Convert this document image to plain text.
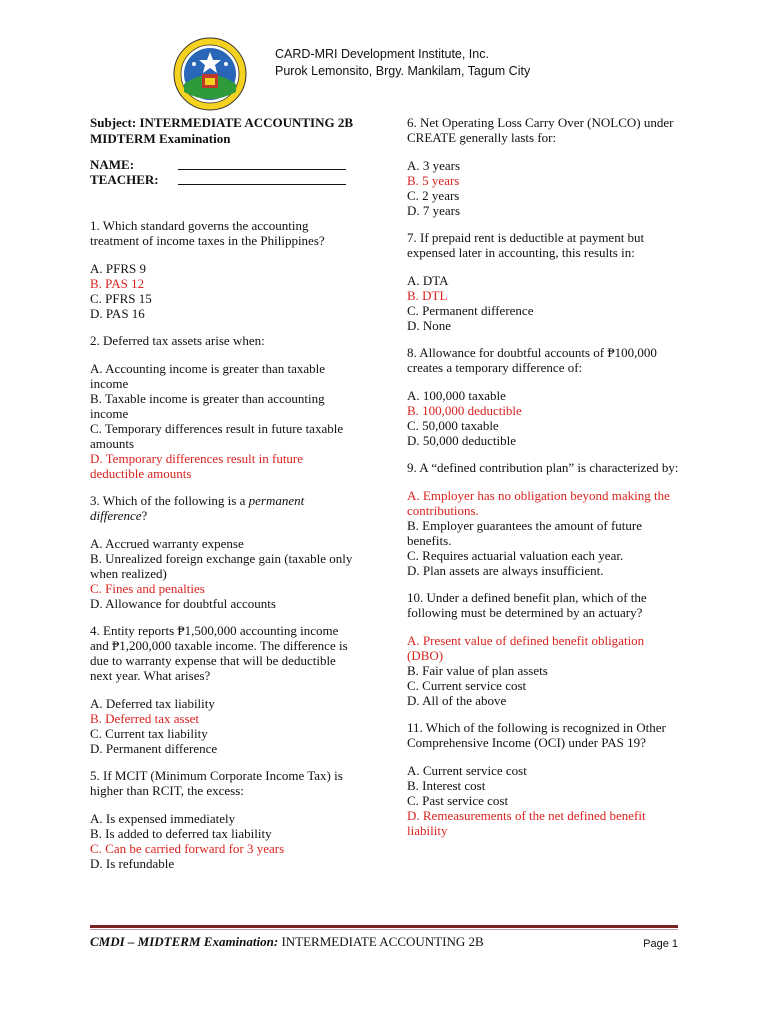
CARD-MRI Development Institute, Inc.
Purok Lemonsito, Brgy. Mankilam, Tagum City
Subject: INTERMEDIATE ACCOUNTING 2B
MIDTERM Examination
NAME:
TEACHER:
1. Which standard governs the accounting treatment of income taxes in the Philippines?
A. PFRS 9
B. PAS 12
C. PFRS 15
D. PAS 16
2. Deferred tax assets arise when:
A. Accounting income is greater than taxable income
B. Taxable income is greater than accounting income
C. Temporary differences result in future taxable amounts
D. Temporary differences result in future deductible amounts
3. Which of the following is a permanent difference?
A. Accrued warranty expense
B. Unrealized foreign exchange gain (taxable only when realized)
C. Fines and penalties
D. Allowance for doubtful accounts
4. Entity reports ₱1,500,000 accounting income and ₱1,200,000 taxable income. The difference is due to warranty expense that will be deductible next year. What arises?
A. Deferred tax liability
B. Deferred tax asset
C. Current tax liability
D. Permanent difference
5. If MCIT (Minimum Corporate Income Tax) is higher than RCIT, the excess:
A. Is expensed immediately
B. Is added to deferred tax liability
C. Can be carried forward for 3 years
D. Is refundable
6. Net Operating Loss Carry Over (NOLCO) under CREATE generally lasts for:
A. 3 years
B. 5 years
C. 2 years
D. 7 years
7. If prepaid rent is deductible at payment but expensed later in accounting, this results in:
A. DTA
B. DTL
C. Permanent difference
D. None
8. Allowance for doubtful accounts of ₱100,000 creates a temporary difference of:
A. 100,000 taxable
B. 100,000 deductible
C. 50,000 taxable
D. 50,000 deductible
9. A “defined contribution plan” is characterized by:
A. Employer has no obligation beyond making the contributions.
B. Employer guarantees the amount of future benefits.
C. Requires actuarial valuation each year.
D. Plan assets are always insufficient.
10. Under a defined benefit plan, which of the following must be determined by an actuary?
A. Present value of defined benefit obligation (DBO)
B. Fair value of plan assets
C. Current service cost
D. All of the above
11. Which of the following is recognized in Other Comprehensive Income (OCI) under PAS 19?
A. Current service cost
B. Interest cost
C. Past service cost
D. Remeasurements of the net defined benefit liability
CMDI – MIDTERM Examination: INTERMEDIATE ACCOUNTING 2B	Page 1
